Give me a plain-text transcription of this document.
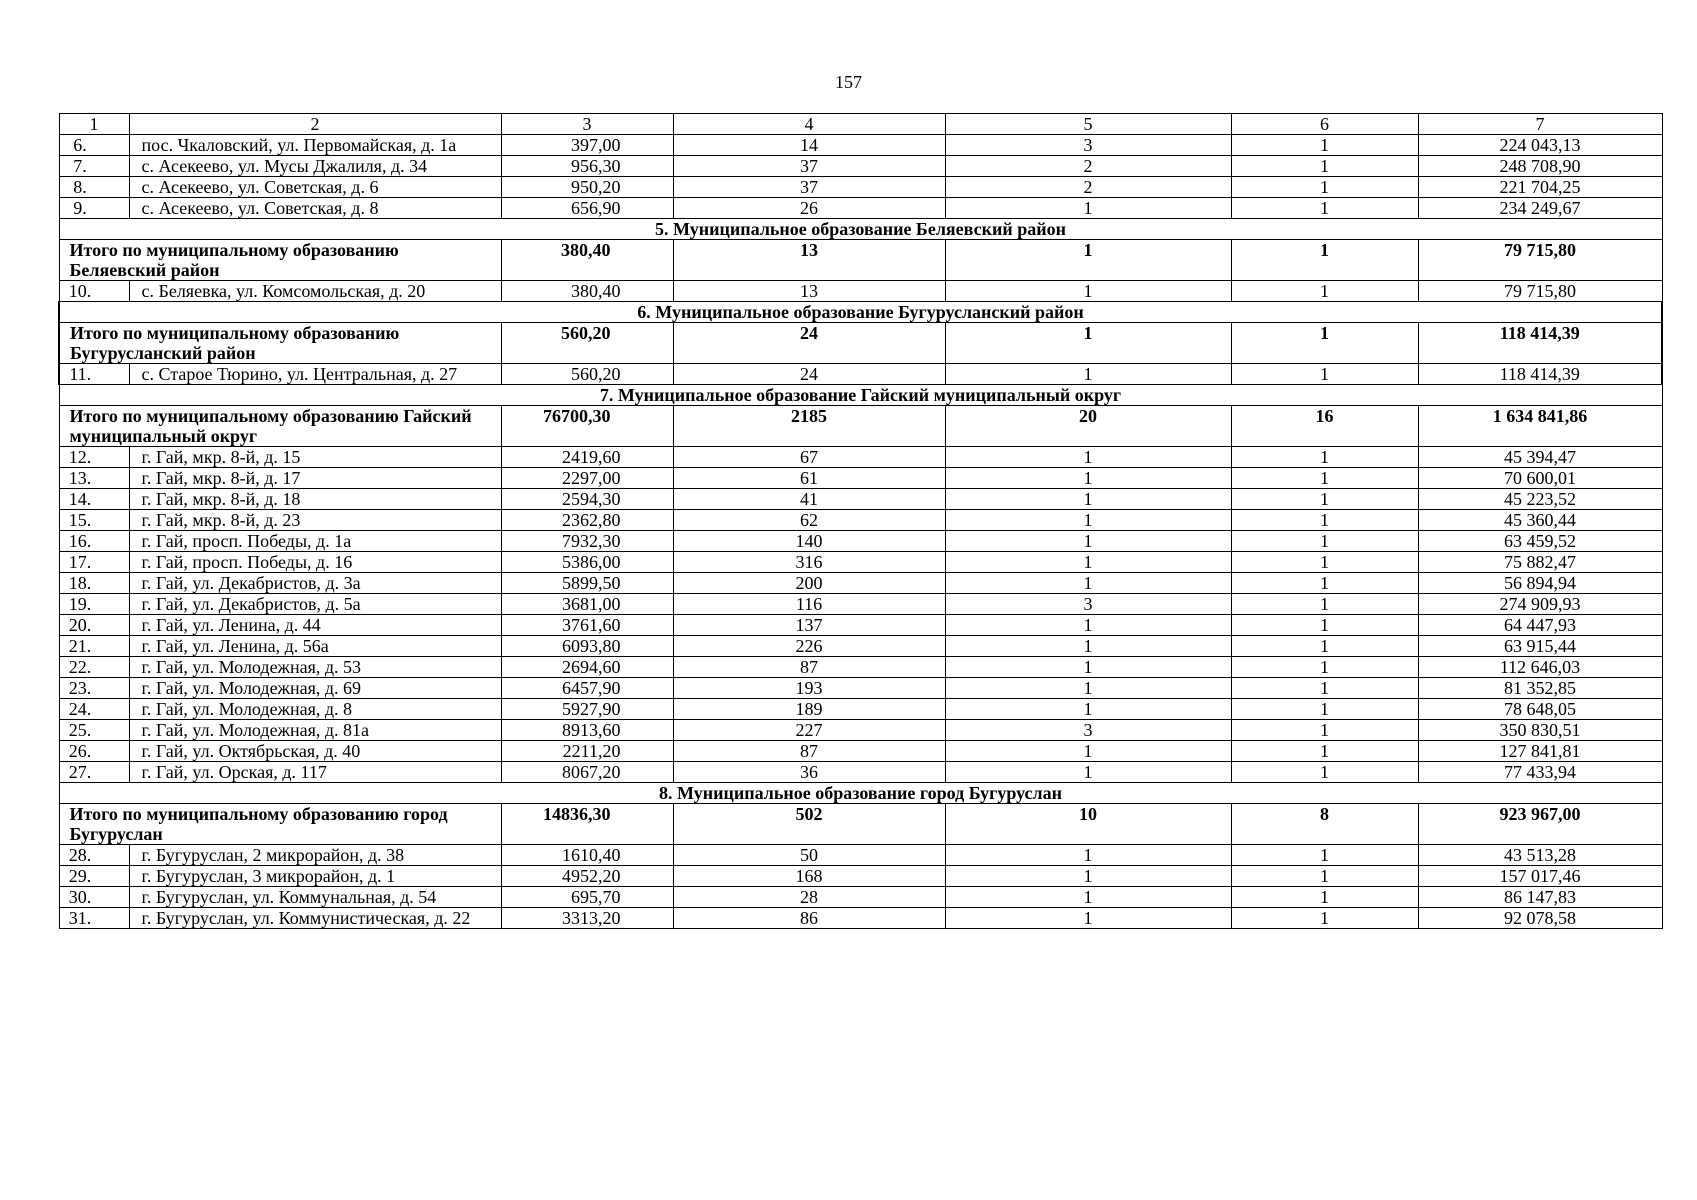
157
1	2	3	4	5	6	7
6.	пос. Чкаловский, ул. Первомайская, д. 1а	397,00	14	3	1	224 043,13
7.	с. Асекеево, ул. Мусы Джалиля, д. 34	956,30	37	2	1	248 708,90
8.	с. Асекеево, ул. Советская, д. 6	950,20	37	2	1	221 704,25
9.	с. Асекеево, ул. Советская, д. 8	656,90	26	1	1	234 249,67
5. Муниципальное образование Беляевский район						
Итого по муниципальному образованию Беляевский район		380,40	13	1	1	79 715,80
10.	с. Беляевка, ул. Комсомольская, д. 20	380,40	13	1	1	79 715,80
6. Муниципальное образование Бугурусланский район						
Итого по муниципальному образованию Бугурусланский район		560,20	24	1	1	118 414,39
11.	с. Старое Тюрино, ул. Центральная, д. 27	560,20	24	1	1	118 414,39
7. Муниципальное образование Гайский муниципальный округ						
Итого по муниципальному образованию Гайский муниципальный округ		76700,30	2185	20	16	1 634 841,86
12.	г. Гай, мкр. 8-й, д. 15	2419,60	67	1	1	45 394,47
13.	г. Гай, мкр. 8-й, д. 17	2297,00	61	1	1	70 600,01
14.	г. Гай, мкр. 8-й, д. 18	2594,30	41	1	1	45 223,52
15.	г. Гай, мкр. 8-й, д. 23	2362,80	62	1	1	45 360,44
16.	г. Гай, просп. Победы, д. 1а	7932,30	140	1	1	63 459,52
17.	г. Гай, просп. Победы, д. 16	5386,00	316	1	1	75 882,47
18.	г. Гай, ул. Декабристов, д. 3а	5899,50	200	1	1	56 894,94
19.	г. Гай, ул. Декабристов, д. 5а	3681,00	116	3	1	274 909,93
20.	г. Гай, ул. Ленина, д. 44	3761,60	137	1	1	64 447,93
21.	г. Гай, ул. Ленина, д. 56а	6093,80	226	1	1	63 915,44
22.	г. Гай, ул. Молодежная, д. 53	2694,60	87	1	1	112 646,03
23.	г. Гай, ул. Молодежная, д. 69	6457,90	193	1	1	81 352,85
24.	г. Гай, ул. Молодежная, д. 8	5927,90	189	1	1	78 648,05
25.	г. Гай, ул. Молодежная, д. 81а	8913,60	227	3	1	350 830,51
26.	г. Гай, ул. Октябрьская, д. 40	2211,20	87	1	1	127 841,81
27.	г. Гай, ул. Орская, д. 117	8067,20	36	1	1	77 433,94
8. Муниципальное образование город Бугуруслан						
Итого по муниципальному образованию город Бугуруслан		14836,30	502	10	8	923 967,00
28.	г. Бугуруслан, 2 микрорайон, д. 38	1610,40	50	1	1	43 513,28
29.	г. Бугуруслан, 3 микрорайон, д. 1	4952,20	168	1	1	157 017,46
30.	г. Бугуруслан, ул. Коммунальная, д. 54	695,70	28	1	1	86 147,83
31.	г. Бугуруслан, ул. Коммунистическая, д. 22	3313,20	86	1	1	92 078,58
